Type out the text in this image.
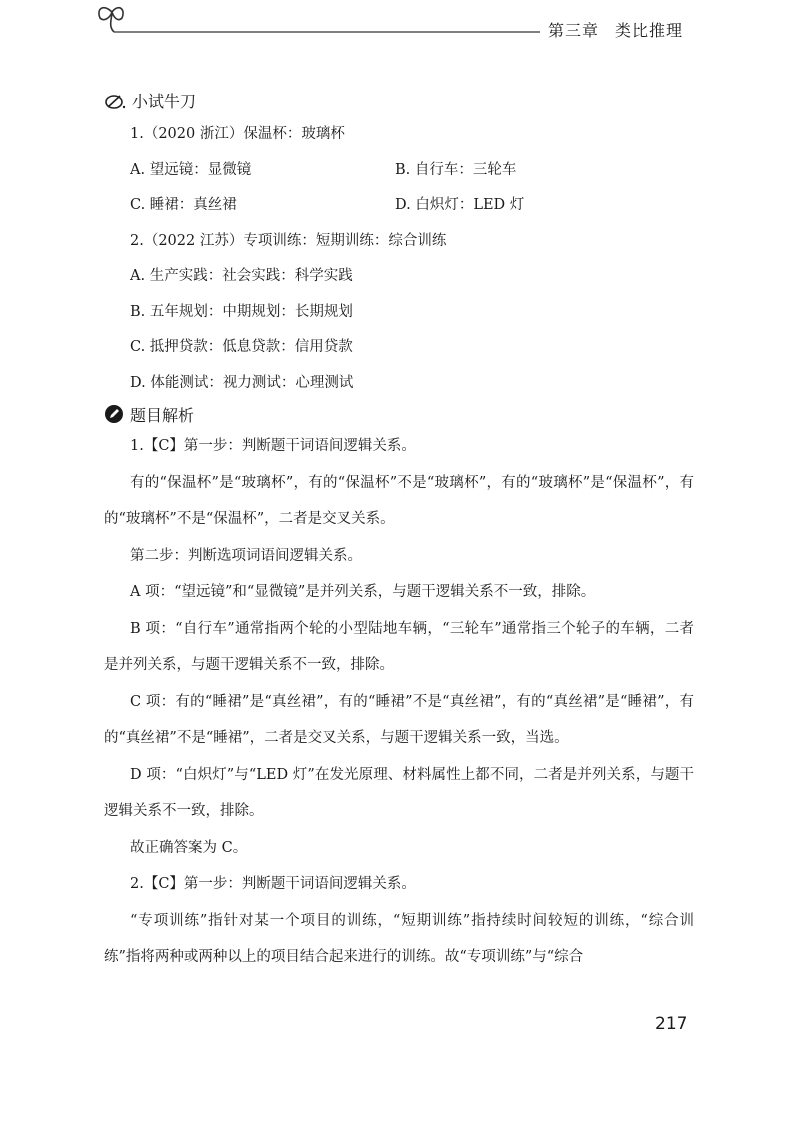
第三章 类比推理
小试牛刀
1.（2020 浙江）保温杯：玻璃杯
A. 望远镜：显微镜	B. 自行车：三轮车
C. 睡裙：真丝裙	D. 白炽灯：LED 灯
2.（2022 江苏）专项训练：短期训练：综合训练
A. 生产实践：社会实践：科学实践
B. 五年规划：中期规划：长期规划
C. 抵押贷款：低息贷款：信用贷款
D. 体能测试：视力测试：心理测试
题目解析
1.【C】第一步：判断题干词语间逻辑关系。
有的“保温杯”是“玻璃杯”，有的“保温杯”不是“玻璃杯”，有的“玻璃杯”是“保温杯”，有的“玻璃杯”不是“保温杯”，二者是交叉关系。
第二步：判断选项词语间逻辑关系。
A 项：“望远镜”和“显微镜”是并列关系，与题干逻辑关系不一致，排除。
B 项：“自行车”通常指两个轮的小型陆地车辆，“三轮车”通常指三个轮子的车辆，二者是并列关系，与题干逻辑关系不一致，排除。
C 项：有的“睡裙”是“真丝裙”，有的“睡裙”不是“真丝裙”，有的“真丝裙”是“睡裙”，有的“真丝裙”不是“睡裙”，二者是交叉关系，与题干逻辑关系一致，当选。
D 项：“白炽灯”与“LED 灯”在发光原理、材料属性上都不同，二者是并列关系，与题干逻辑关系不一致，排除。
故正确答案为 C。
2.【C】第一步：判断题干词语间逻辑关系。
“专项训练”指针对某一个项目的训练，“短期训练”指持续时间较短的训练，“综合训练”指将两种或两种以上的项目结合起来进行的训练。故“专项训练”与“综合
217
